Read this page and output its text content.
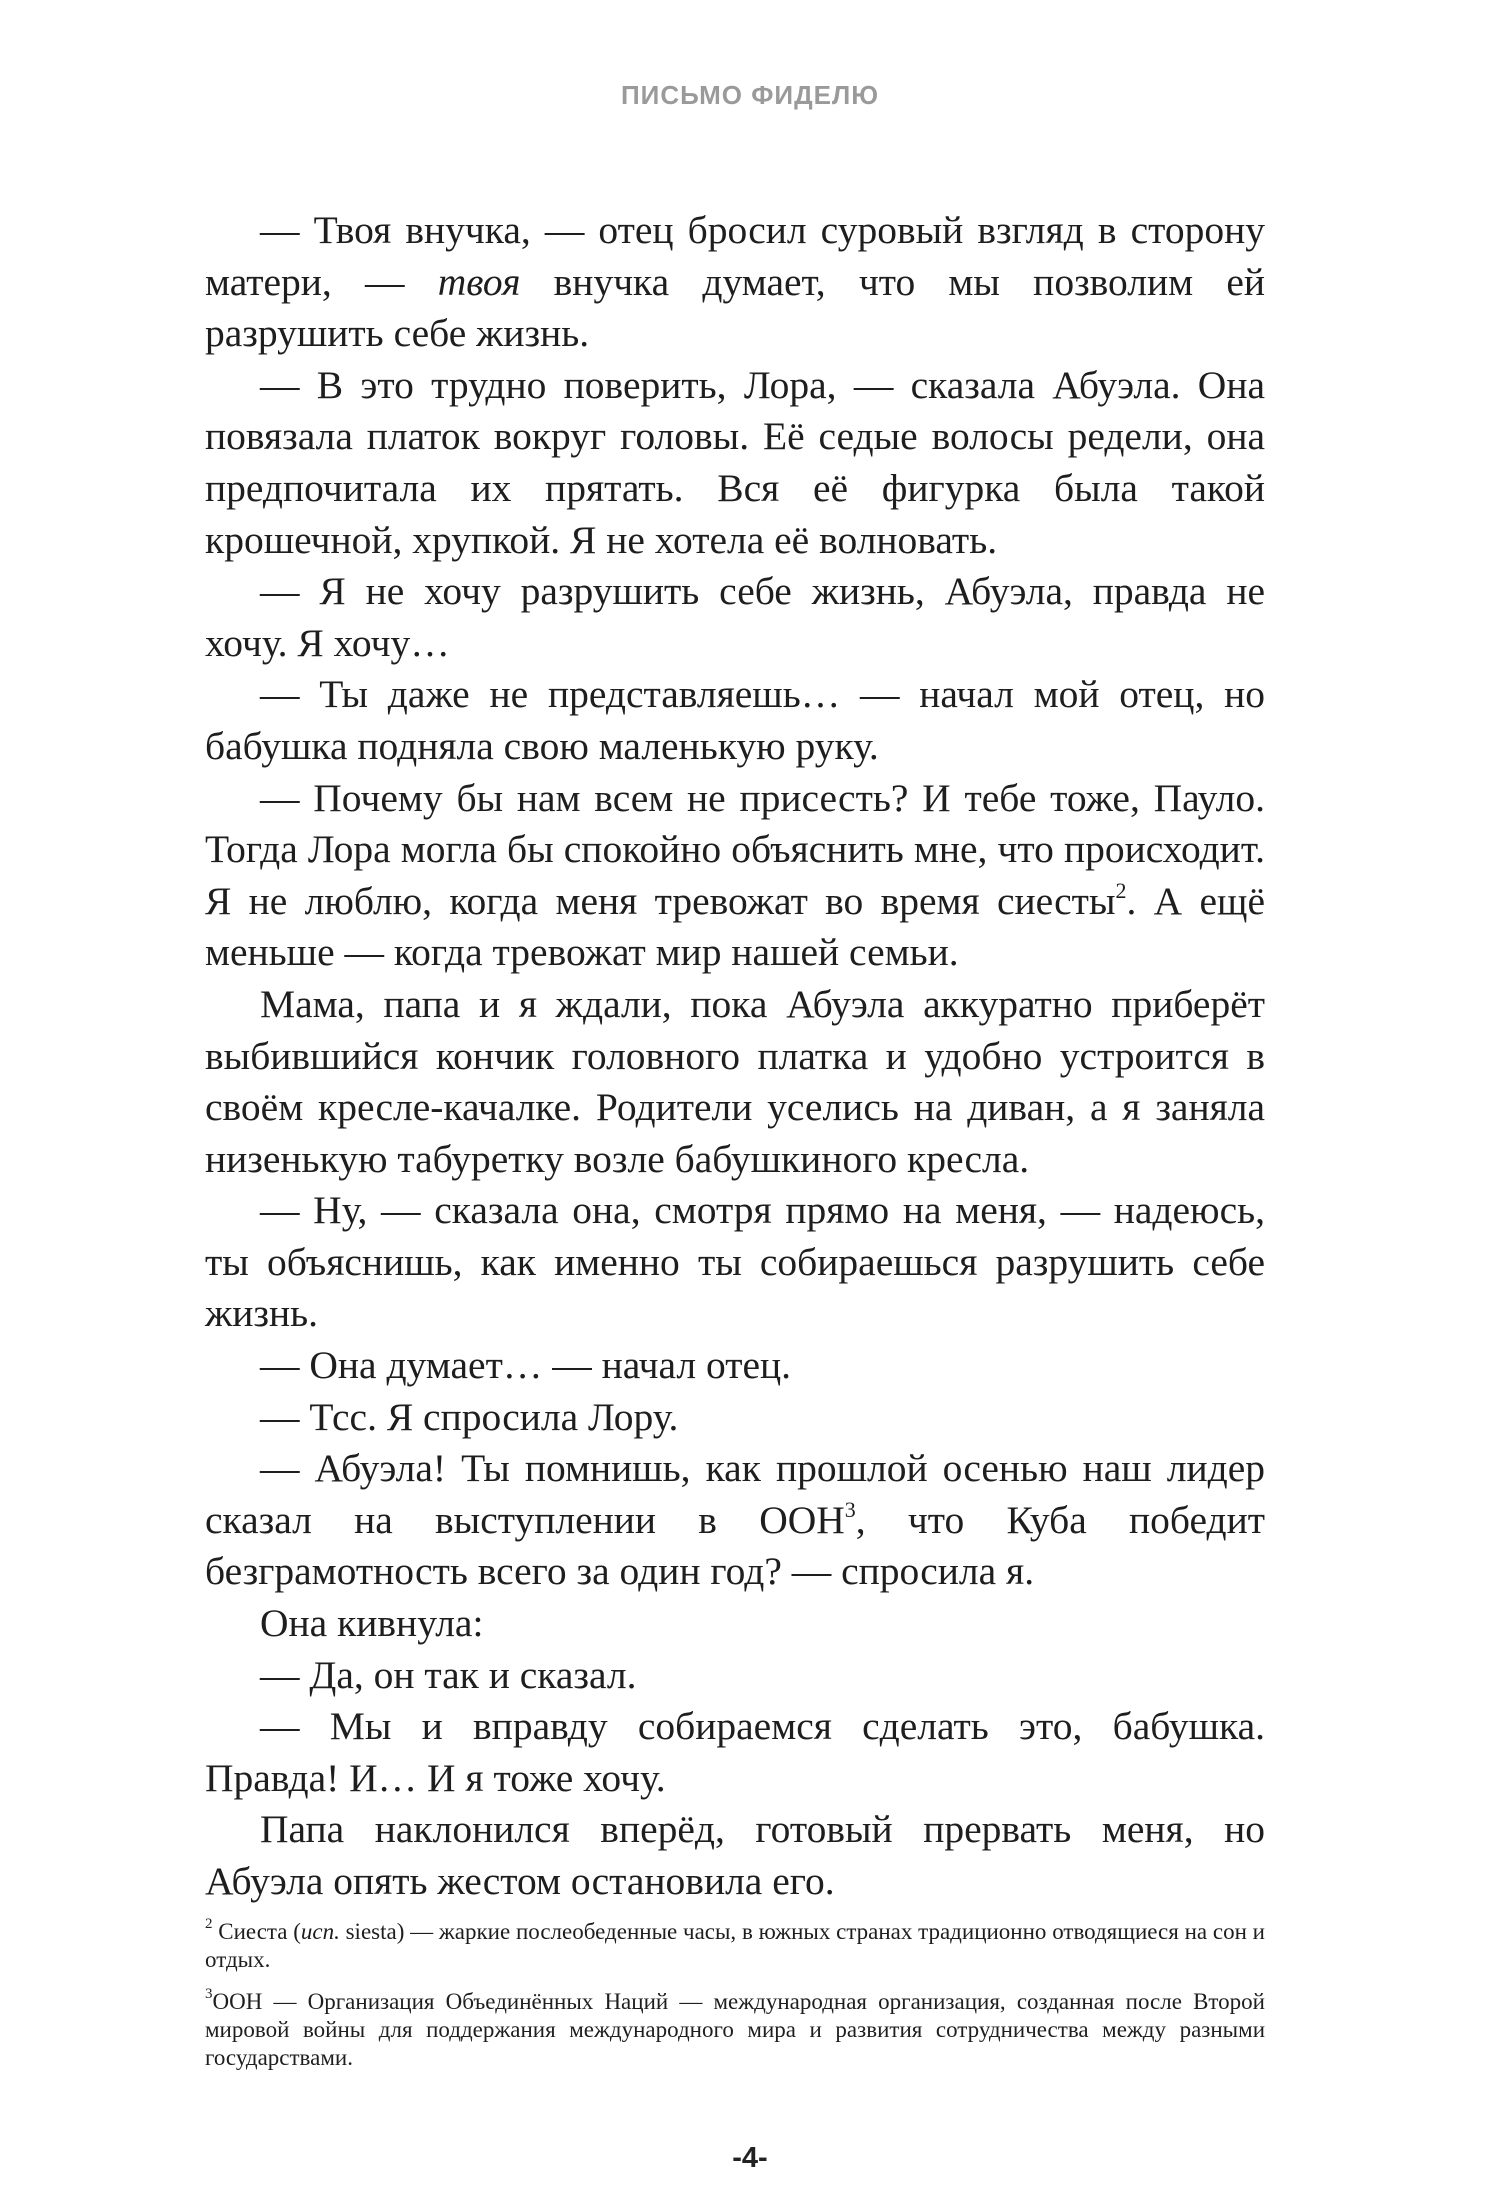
ПИСЬМО ФИДЕЛЮ

— Твоя внучка, — отец бросил суровый взгляд в сторону матери, — твоя внучка думает, что мы позволим ей разрушить себе жизнь.

— В это трудно поверить, Лора, — сказала Абуэла. Она повязала платок вокруг головы. Её седые волосы редели, она предпочитала их прятать. Вся её фигурка была такой крошечной, хрупкой. Я не хотела её волновать.

— Я не хочу разрушить себе жизнь, Абуэла, правда не хочу. Я хочу…

— Ты даже не представляешь… — начал мой отец, но бабушка подняла свою маленькую руку.

— Почему бы нам всем не присесть? И тебе тоже, Пауло. Тогда Лора могла бы спокойно объяснить мне, что происходит. Я не люблю, когда меня тревожат во время сиесты$^2$. А ещё меньше — когда тревожат мир нашей семьи.

Мама, папа и я ждали, пока Абуэла аккуратно приберёт выбившийся кончик головного платка и удобно устроится в своём кресле-качалке. Родители уселись на диван, а я заняла низенькую табуретку возле бабушкиного кресла.

— Ну, — сказала она, смотря прямо на меня, — надеюсь, ты объяснишь, как именно ты собираешься разрушить себе жизнь.

— Она думает… — начал отец.

— Тсс. Я спросила Лору.

— Абуэла! Ты помнишь, как прошлой осенью наш лидер сказал на выступлении в ООН$^3$, что Куба победит безграмотность всего за один год? — спросила я.

Она кивнула:

— Да, он так и сказал.

— Мы и вправду собираемся сделать это, бабушка. Правда! И… И я тоже хочу.

Папа наклонился вперёд, готовый прервать меня, но Абуэла опять жестом остановила его.

$^2$ Сиеста (исп. siesta) — жаркие послеобеденные часы, в южных странах традиционно отводящиеся на сон и отдых.
$^3$ООН — Организация Объединённых Наций — международная организация, созданная после Второй мировой войны для поддержания международного мира и развития сотрудничества между разными государствами.
-4-
